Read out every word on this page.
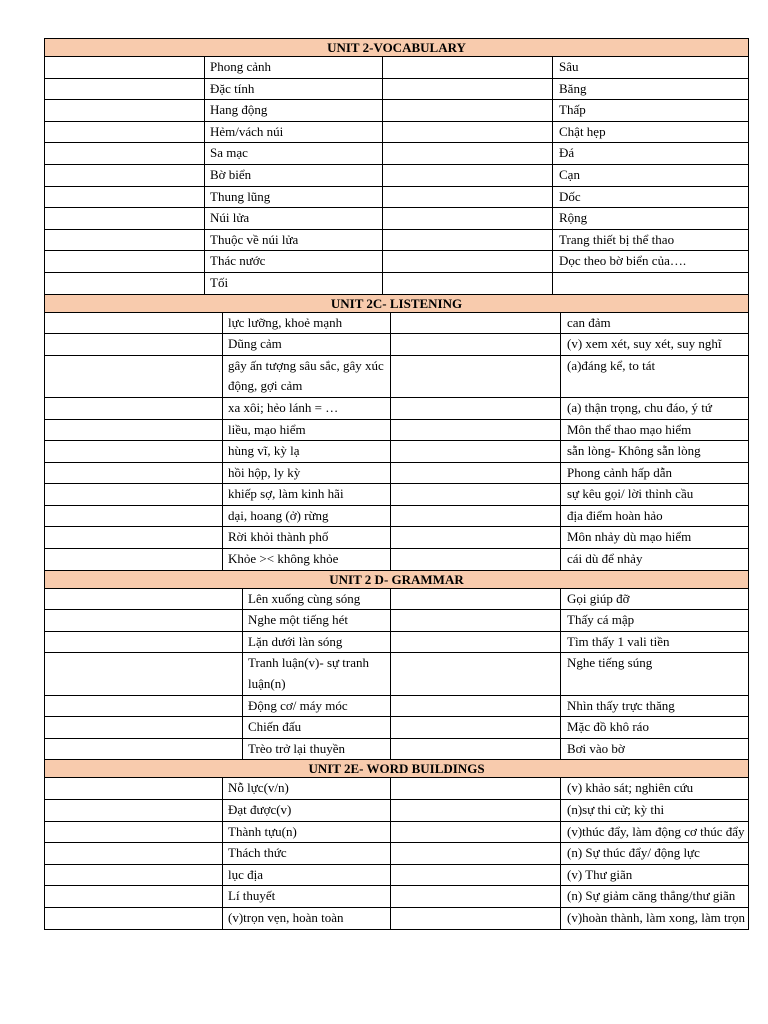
UNIT 2-VOCABULARY			
	Phong cảnh		Sâu
	Đặc tính		Băng
	Hang động		Thấp
	Hẻm/vách núi		Chật hẹp
	Sa mạc		Đá
	Bờ biển		Cạn
	Thung lũng		Dốc
	Núi lửa		Rộng
	Thuộc về núi lửa		Trang thiết bị thể thao
	Thác nước		Dọc theo bờ biển của….
	Tối		
UNIT 2C- LISTENING			
	lực lưỡng, khoẻ mạnh		can đảm
	Dũng cảm		(v) xem xét, suy xét, suy nghĩ
	gây ấn tượng sâu sắc, gây xúc động, gợi cảm		(a)đáng kể, to tát
	xa xôi; hẻo lánh = …		(a) thận trọng, chu đáo, ý tứ
	liều, mạo hiểm		Môn thể thao mạo hiểm
	hùng vĩ, kỳ lạ		sẵn lòng- Không sẵn lòng
	hồi hộp, ly kỳ		Phong cảnh hấp dẫn
	khiếp sợ, làm kinh hãi		sự kêu gọi/ lời thỉnh cầu
	dại, hoang (ở) rừng		địa điểm hoàn hảo
	Rời khỏi thành phố		Môn nhảy dù mạo hiểm
	Khỏe >< không khỏe		cái dù để nhảy
UNIT 2 D- GRAMMAR			
	Lên xuống cùng sóng		Gọi giúp đỡ
	Nghe một tiếng hét		Thấy cá mập
	Lặn dưới làn sóng		Tìm thấy 1 vali tiền
	Tranh luận(v)- sự tranh luận(n)		Nghe tiếng súng
	Động cơ/ máy móc		Nhìn thấy trực thăng
	Chiến đấu		Mặc đồ khô ráo
	Trèo trở lại thuyền		Bơi vào bờ
UNIT 2E- WORD BUILDINGS			
	Nỗ lực(v/n)		(v) khảo sát; nghiên cứu
	Đạt được(v)		(n)sự thi cử; kỳ thi
	Thành tựu(n)		(v)thúc đẩy, làm động cơ thúc đẩy
	Thách thức		(n) Sự thúc đẩy/ động lực
	lục địa		(v) Thư giãn
	Lí thuyết		(n) Sự giảm căng thẳng/thư giãn
	(v)trọn vẹn, hoàn toàn		(v)hoàn thành, làm xong, làm trọn
